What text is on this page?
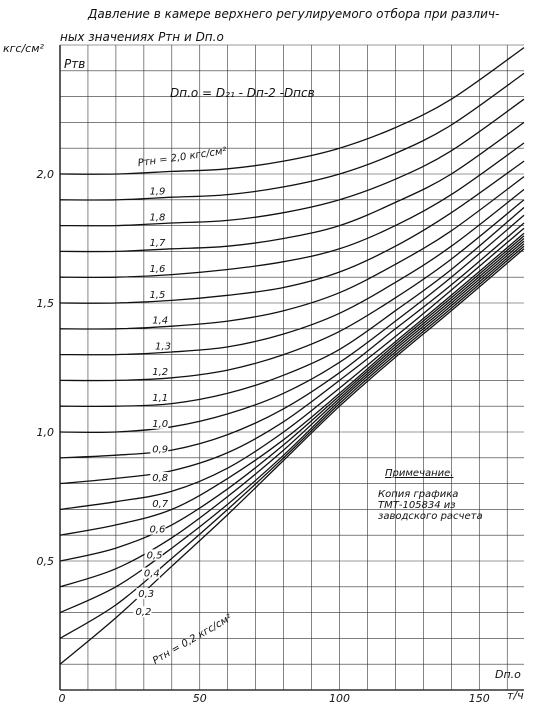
Pтн = 2,0 кгс/см²
1,9
1,8
1,7
1,6
1,5
1,4
1,3
1,2
1,1
1,0
0,9
0,8
0,7
0,6
0,5
0,4
0,3
0,2 Pтн = 0,2 кгс/см²
0	50	100	150
0,5
1,0
1,5
2,0
Давление в камере верхнего регулируемого отбора при различ-
ных значениях Pтн и Dп.о
кгс/см²
Pтв
Dп.о
т/ч
Dп.о = D₂₁ - Dп-2 -Dпсв
Примечание.
Копия графика
ТМТ-105834 из
заводского расчета
